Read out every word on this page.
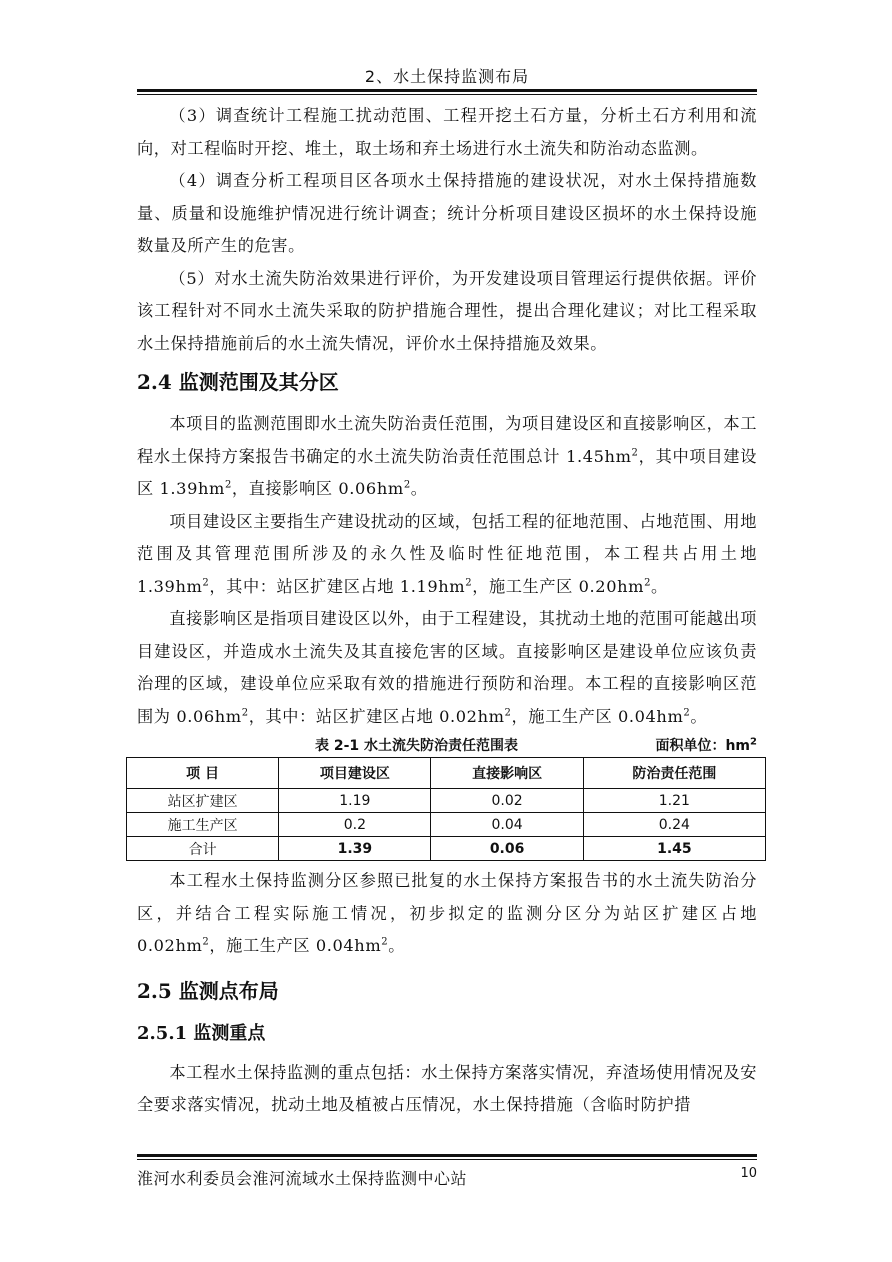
2、水土保持监测布局

（3）调查统计工程施工扰动范围、工程开挖土石方量，分析土石方利用和流向，对工程临时开挖、堆土，取土场和弃土场进行水土流失和防治动态监测。

（4）调查分析工程项目区各项水土保持措施的建设状况，对水土保持措施数量、质量和设施维护情况进行统计调查；统计分析项目建设区损坏的水土保持设施数量及所产生的危害。

（5）对水土流失防治效果进行评价，为开发建设项目管理运行提供依据。评价该工程针对不同水土流失采取的防护措施合理性，提出合理化建议；对比工程采取水土保持措施前后的水土流失情况，评价水土保持措施及效果。

2.4 监测范围及其分区

本项目的监测范围即水土流失防治责任范围，为项目建设区和直接影响区，本工程水土保持方案报告书确定的水土流失防治责任范围总计 $1.45hm^2$，其中项目建设区 $1.39hm^2$，直接影响区 $0.06hm^2$。

项目建设区主要指生产建设扰动的区域，包括工程的征地范围、占地范围、用地范围及其管理范围所涉及的永久性及临时性征地范围，本工程共占用土地 $1.39hm^2$，其中：站区扩建区占地 $1.19hm^2$，施工生产区 $0.20hm^2$。

直接影响区是指项目建设区以外，由于工程建设，其扰动土地的范围可能越出项目建设区，并造成水土流失及其直接危害的区域。直接影响区是建设单位应该负责治理的区域，建设单位应采取有效的措施进行预防和治理。本工程的直接影响区范围为 $0.06hm^2$，其中：站区扩建区占地 $0.02hm^2$，施工生产区 $0.04hm^2$。

表 2-1 水土流失防治责任范围表	面积单位：$hm^2$
项 目	项目建设区	直接影响区	防治责任范围
站区扩建区	1.19	0.02	1.21
施工生产区	0.2	0.04	0.24
合计	1.39	0.06	1.45

本工程水土保持监测分区参照已批复的水土保持方案报告书的水土流失防治分区，并结合工程实际施工情况，初步拟定的监测分区分为站区扩建区占地 $0.02hm^2$，施工生产区 $0.04hm^2$。

2.5 监测点布局
2.5.1 监测重点

本工程水土保持监测的重点包括：水土保持方案落实情况，弃渣场使用情况及安全要求落实情况，扰动土地及植被占压情况，水土保持措施（含临时防护措

淮河水利委员会淮河流域水土保持监测中心站	10
